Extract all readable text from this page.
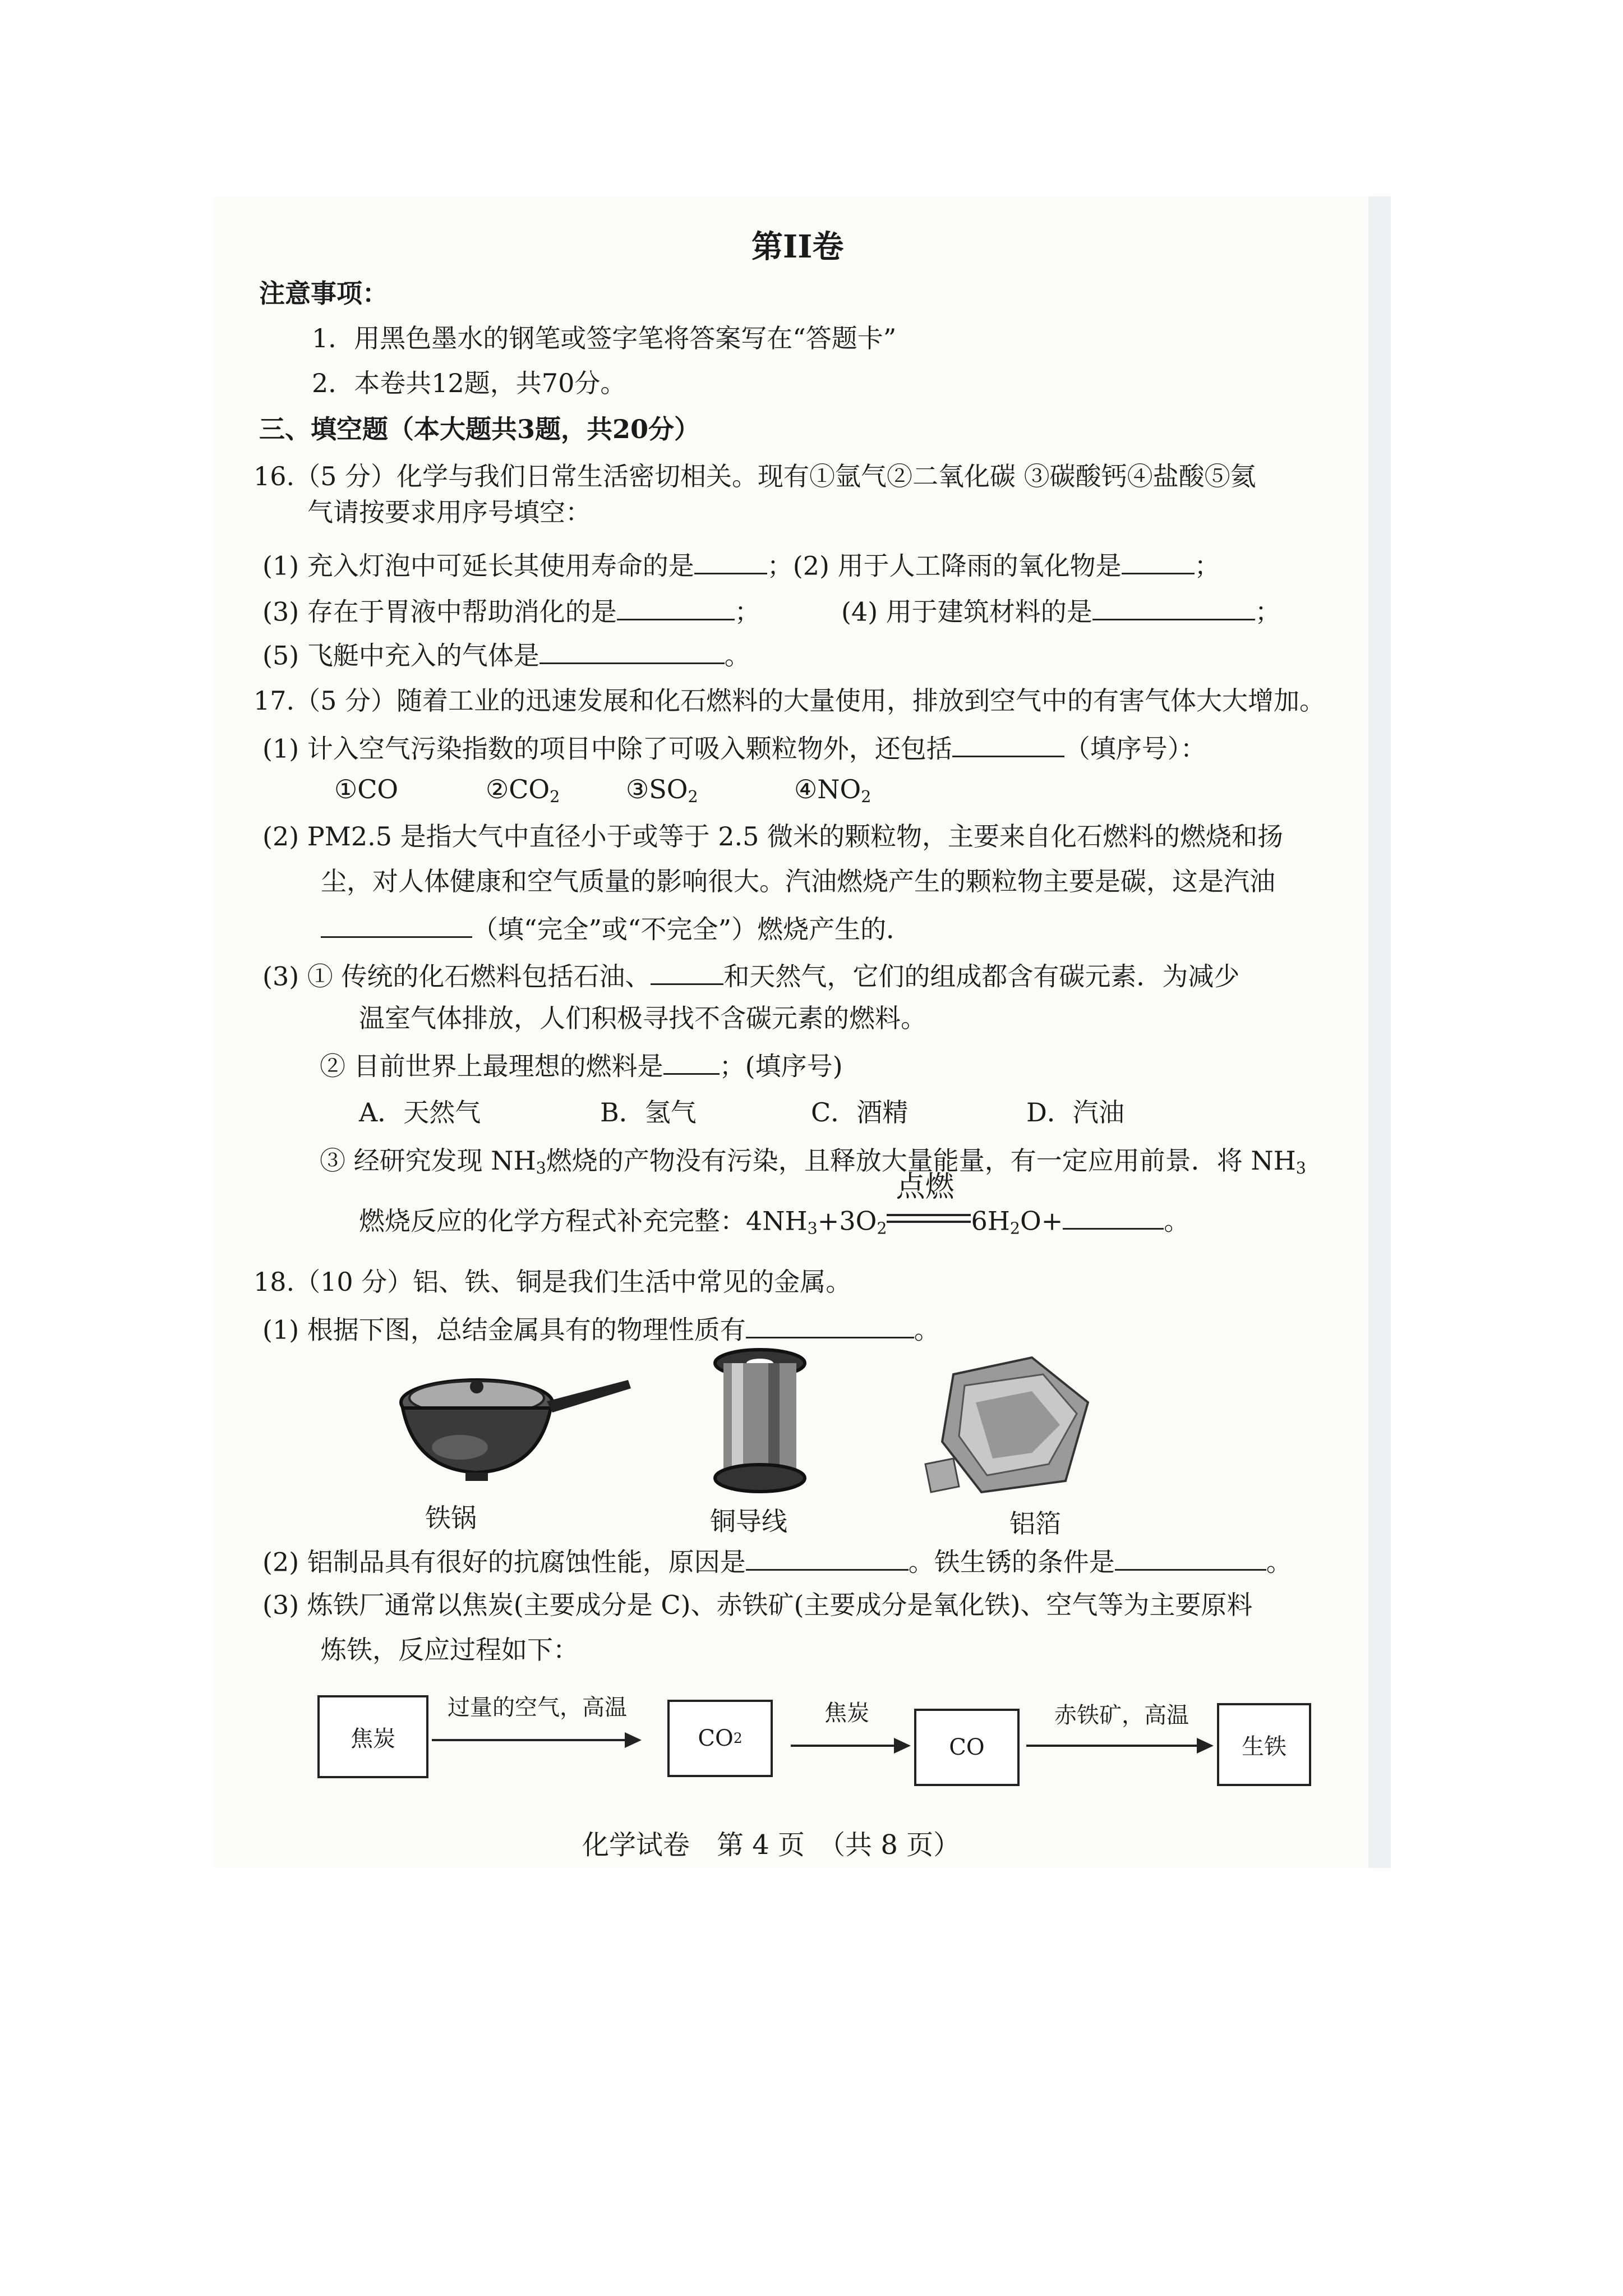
第II卷
注意事项：
1．用黑色墨水的钢笔或签字笔将答案写在“答题卡”
2．本卷共12题，共70分。
三、填空题（本大题共3题，共20分）
16.（5 分）化学与我们日常生活密切相关。现有①氩气②二氧化碳 ③碳酸钙④盐酸⑤氦
气请按要求用序号填空：
(1) 充入灯泡中可延长其使用寿命的是	；(2) 用于人工降雨的氧化物是	；
(3) 存在于胃液中帮助消化的是	；	(4) 用于建筑材料的是	；
(5) 飞艇中充入的气体是	。
17.（5 分）随着工业的迅速发展和化石燃料的大量使用，排放到空气中的有害气体大大增加。
(1) 计入空气污染指数的项目中除了可吸入颗粒物外，还包括	（填序号）：
①CO	$②CO_2$	$③SO_2$	$④NO_2$
(2) PM2.5 是指大气中直径小于或等于 2.5 微米的颗粒物，主要来自化石燃料的燃烧和扬
尘，对人体健康和空气质量的影响很大。汽油燃烧产生的颗粒物主要是碳，这是汽油
（填“完全”或“不完全”）燃烧产生的．
(3) ① 传统的化石燃料包括石油、	和天然气，它们的组成都含有碳元素．为减少
温室气体排放，人们积极寻找不含碳元素的燃料。
② 目前世界上最理想的燃料是 ；(填序号)
A．天然气	B．氢气	C．酒精	D．汽油
③ 经研究发现 $NH_3$燃烧的产物没有污染，且释放大量能量，有一定应用前景．将 $NH_3$
燃烧反应的化学方程式补充完整：$4NH_3+3O_2$
点燃
$6H_2O+$	。
18.（10 分）铝、铁、铜是我们生活中常见的金属。
(1) 根据下图，总结金属具有的物理性质有	。
铁锅	铜导线	铝箔
(2) 铝制品具有很好的抗腐蚀性能，原因是	。铁生锈的条件是	。
(3) 炼铁厂通常以焦炭(主要成分是 C)、赤铁矿(主要成分是氧化铁)、空气等为主要原料
炼铁，反应过程如下：
焦炭
过量的空气，高温
CO 2
焦炭
CO
赤铁矿，高温
生铁
化学试卷　第 4 页　（共 8 页）
